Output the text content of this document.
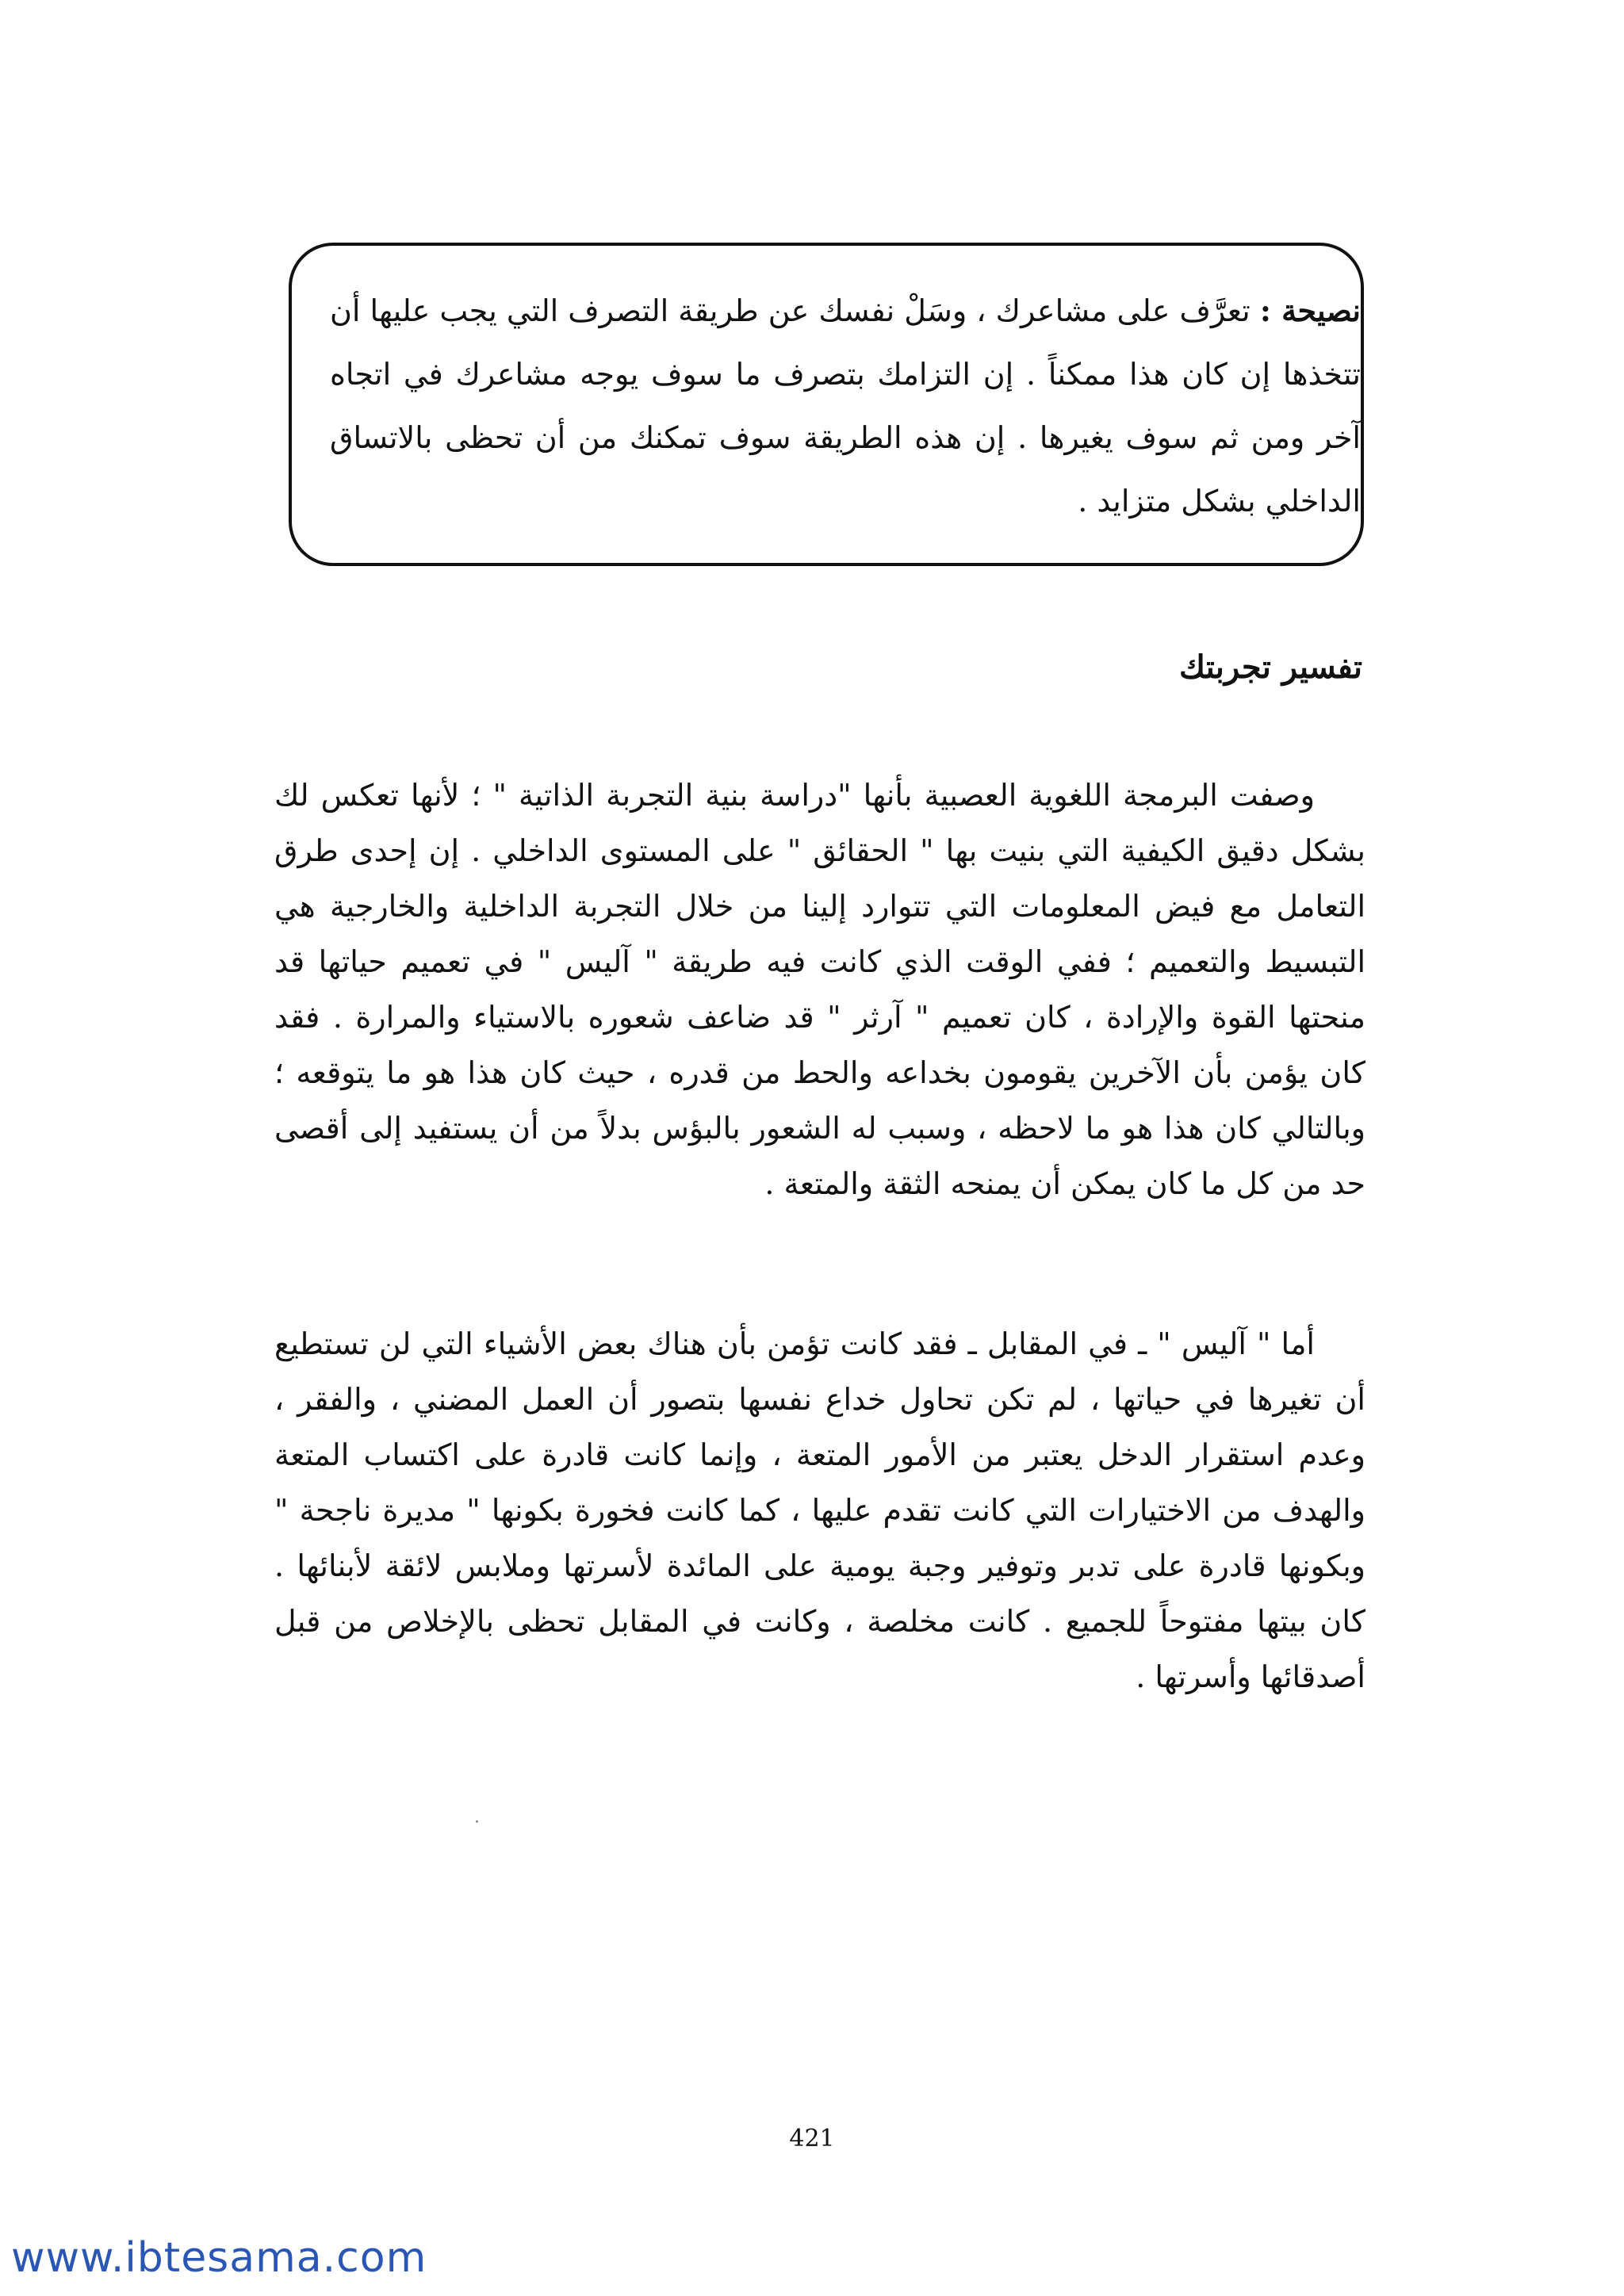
نصيحة : تعرَّف على مشاعرك ، وسَلْ نفسك عن طريقة التصرف التي يجب عليها أن تتخذها إن كان هذا ممكناً . إن التزامك بتصرف ما سوف يوجه مشاعرك في اتجاه آخر ومن ثم سوف يغيرها . إن هذه الطريقة سوف تمكنك من أن تحظى بالاتساق الداخلي بشكل متزايد .

تفسير تجربتك

وصفت البرمجة اللغوية العصبية بأنها "دراسة بنية التجربة الذاتية " ؛ لأنها تعكس لك بشكل دقيق الكيفية التي بنيت بها " الحقائق " على المستوى الداخلي . إن إحدى طرق التعامل مع فيض المعلومات التي تتوارد إلينا من خلال التجربة الداخلية والخارجية هي التبسيط والتعميم ؛ ففي الوقت الذي كانت فيه طريقة " آليس " في تعميم حياتها قد منحتها القوة والإرادة ، كان تعميم " آرثر " قد ضاعف شعوره بالاستياء والمرارة . فقد كان يؤمن بأن الآخرين يقومون بخداعه والحط من قدره ، حيث كان هذا هو ما يتوقعه ؛ وبالتالي كان هذا هو ما لاحظه ، وسبب له الشعور بالبؤس بدلاً من أن يستفيد إلى أقصى حد من كل ما كان يمكن أن يمنحه الثقة والمتعة .

أما " آليس " ـ في المقابل ـ فقد كانت تؤمن بأن هناك بعض الأشياء التي لن تستطيع أن تغيرها في حياتها ، لم تكن تحاول خداع نفسها بتصور أن العمل المضني ، والفقر ، وعدم استقرار الدخل يعتبر من الأمور المتعة ، وإنما كانت قادرة على اكتساب المتعة والهدف من الاختيارات التي كانت تقدم عليها ، كما كانت فخورة بكونها " مديرة ناجحة " وبكونها قادرة على تدبر وتوفير وجبة يومية على المائدة لأسرتها وملابس لائقة لأبنائها . كان بيتها مفتوحاً للجميع . كانت مخلصة ، وكانت في المقابل تحظى بالإخلاص من قبل أصدقائها وأسرتها .

421

www.ibtesama.com
